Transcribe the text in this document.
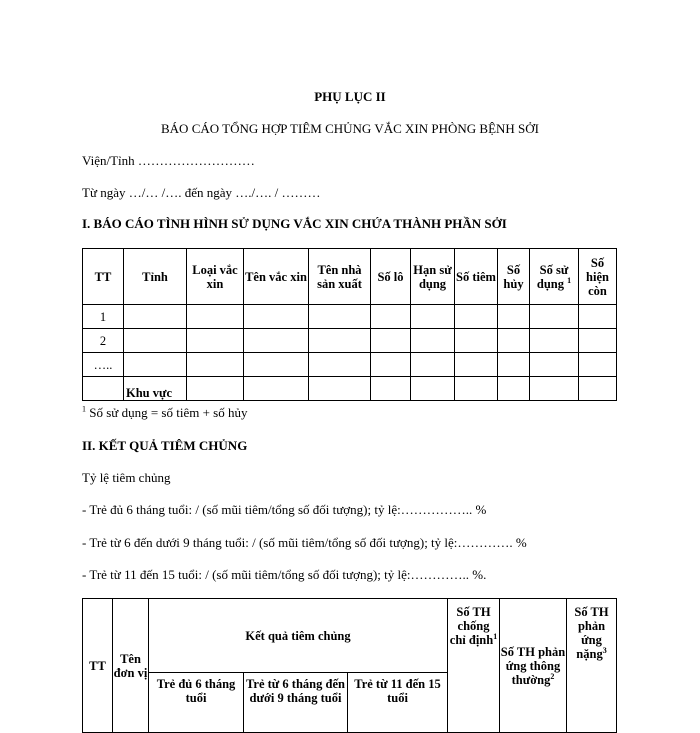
PHỤ LỤC II
BÁO CÁO TỔNG HỢP TIÊM CHỦNG VẮC XIN PHÒNG BỆNH SỞI
Viện/Tỉnh ………………………
Từ ngày …/… /…. đến ngày …./…. / ………
I. BÁO CÁO TÌNH HÌNH SỬ DỤNG VẮC XIN CHỨA THÀNH PHẦN SỞI
TT	Tỉnh	Loại vắc xin	Tên vắc xin	Tên nhà sản xuất	Số lô	Hạn sử dụng	Số tiêm	Số hủy	Số sử dụng $^1$	Số hiện còn
1										
2										
…..										
	Khu vực									
$^1$ Số sử dụng = số tiêm + số hủy
II. KẾT QUẢ TIÊM CHỦNG
Tỷ lệ tiêm chủng
- Trẻ đủ 6 tháng tuổi: / (số mũi tiêm/tổng số đối tượng); tỷ lệ:…………….. %
- Trẻ từ 6 đến dưới 9 tháng tuổi: / (số mũi tiêm/tổng số đối tượng); tỷ lệ:…………. %
- Trẻ từ 11 đến 15 tuổi: / (số mũi tiêm/tổng số đối tượng); tỷ lệ:………….. %.
TT	Tên đơn vị	Kết quả tiêm chủng			Số TH chống chỉ định$^1$	Số TH phản ứng thông thường$^2$	Số TH phản ứng nặng$^3$
		Trẻ đủ 6 tháng tuổi	Trẻ từ 6 tháng đến dưới 9 tháng tuổi	Trẻ từ 11 đến 15 tuổi			
